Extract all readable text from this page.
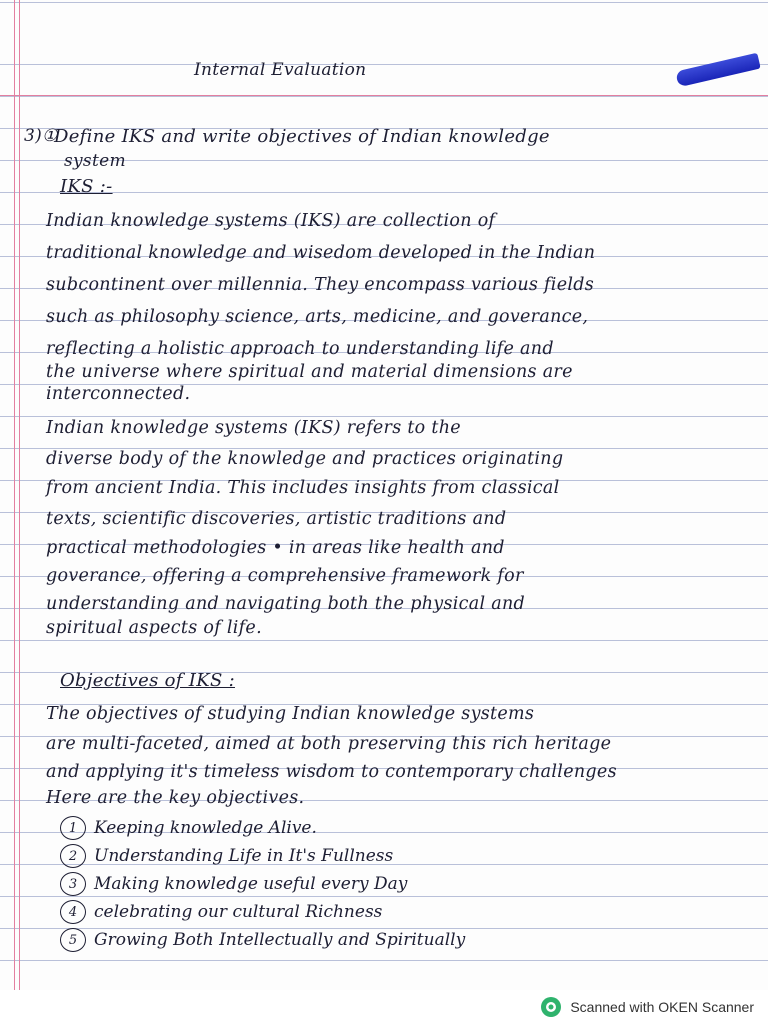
Internal Evaluation

3)①

Define IKS and write objectives of Indian knowledge

system

IKS :-

Indian knowledge systems (IKS) are collection of

traditional knowledge and wisedom developed in the Indian

subcontinent over millennia. They encompass various fields

such as philosophy science, arts, medicine, and goverance,

reflecting a holistic approach to understanding life and

the universe where spiritual and material dimensions are

interconnected.

Indian knowledge systems (IKS) refers to the

diverse body of the knowledge and practices originating

from ancient India. This includes insights from classical

texts, scientific discoveries, artistic traditions and

practical methodologies • in areas like health and

goverance, offering a comprehensive framework for

understanding and navigating both the physical and

spiritual aspects of life.

Objectives of IKS :

The objectives of studying Indian knowledge systems

are multi-faceted, aimed at both preserving this rich heritage

and applying it's timeless wisdom to contemporary challenges

Here are the key objectives.

1 Keeping knowledge Alive.
2 Understanding Life in It's Fullness
3 Making knowledge useful every Day
4 celebrating our cultural Richness
5 Growing Both Intellectually and Spiritually
Scanned with OKEN Scanner
